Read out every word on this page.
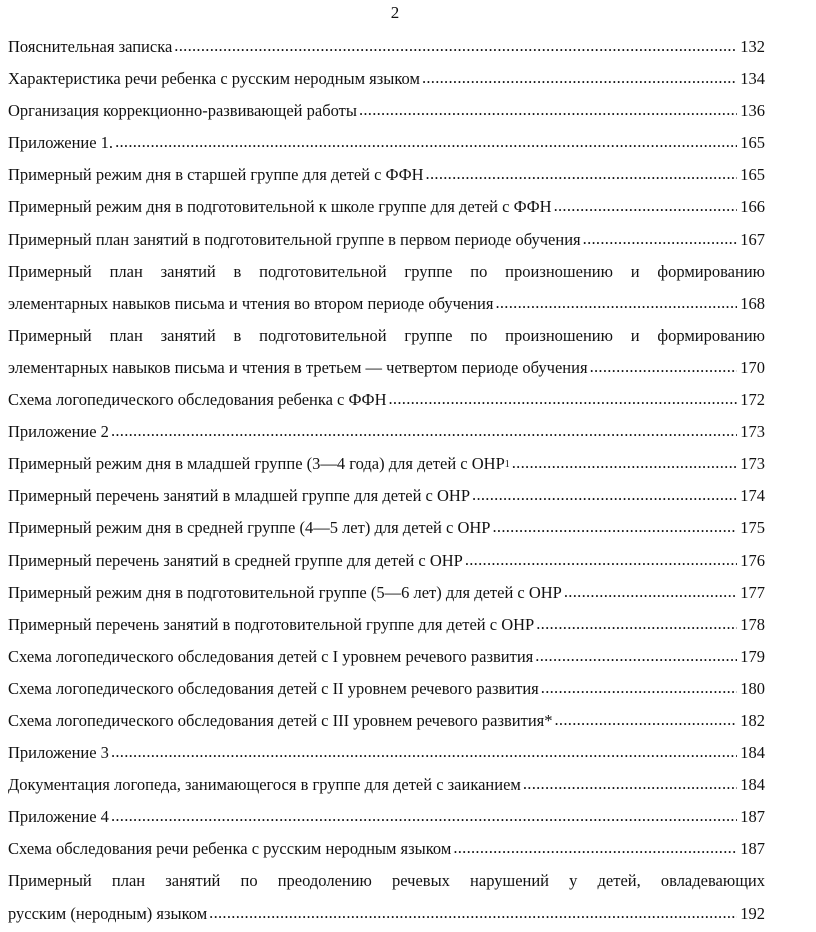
2
Пояснительная записка .....	132
Характеристика речи ребенка с русским неродным языком .....	134
Организация коррекционно-развивающей работы .....	136
Приложение 1. .....	165
Примерный режим дня в старшей группе для детей с ФФН .....	165
Примерный режим дня в подготовительной к школе группе для детей с ФФН .....	166
Примерный план занятий в подготовительной группе в первом периоде обучения .....	167
Примерный план занятий в подготовительной группе по произношению и формированию
элементарных навыков письма и чтения во втором периоде обучения .....	168
Примерный план занятий в подготовительной группе по произношению и формированию
элементарных навыков письма и чтения в третьем — четвертом периоде обучения .....	170
Схема логопедического обследования ребенка с ФФН .....	172
Приложение 2 .....	173
Примерный режим дня в младшей группе (3—4 года) для детей с ОНР$^1$ .....	173
Примерный перечень занятий в младшей группе для детей с ОНР .....	174
Примерный режим дня в средней группе (4—5 лет) для детей с ОНР .....	175
Примерный перечень занятий в средней группе для детей с ОНР .....	176
Примерный режим дня в подготовительной группе (5—6 лет) для детей с ОНР .....	177
Примерный перечень занятий в подготовительной группе для детей с ОНР .....	178
Схема логопедического обследования детей с I уровнем речевого развития .....	179
Схема логопедического обследования детей с II уровнем речевого развития .....	180
Схема логопедического обследования детей с III уровнем речевого развития* .....	182
Приложение 3 .....	184
Документация логопеда, занимающегося в группе для детей с заиканием .....	184
Приложение 4 .....	187
Схема обследования речи ребенка с русским неродным языком .....	187
Примерный план занятий по преодолению речевых нарушений у детей, овладевающих
русским (неродным) языком .....	192
